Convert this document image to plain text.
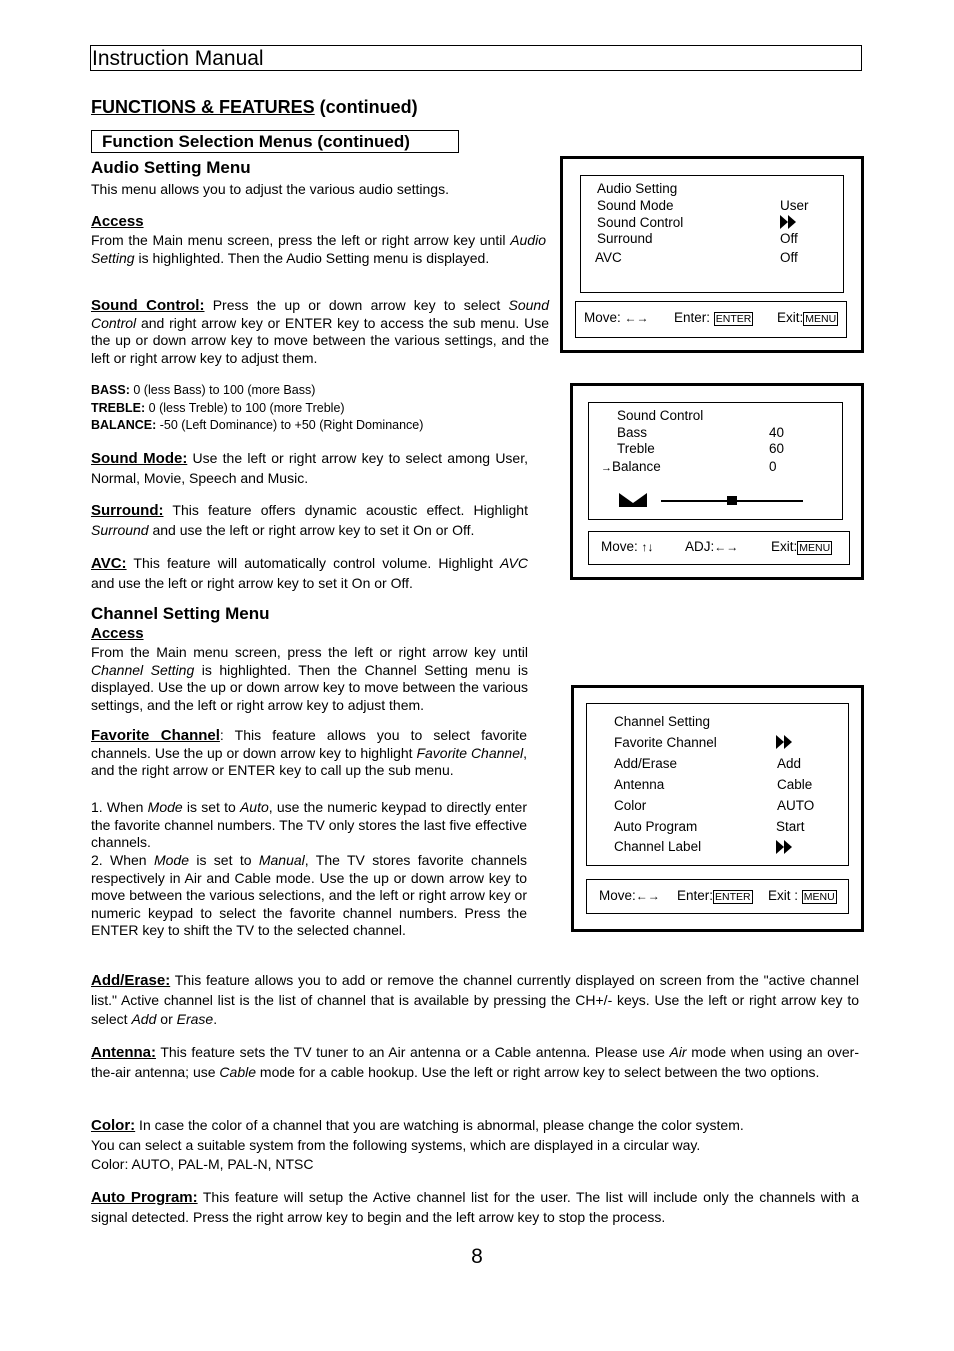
Instruction Manual
FUNCTIONS & FEATURES (continued)
Function Selection Menus (continued)
Audio Setting Menu
This menu allows you to adjust the various audio settings.
Access
From the Main menu screen, press the left or right arrow key until Audio Setting is highlighted. Then the Audio Setting menu is displayed.
Sound Control: Press the up or down arrow key to select Sound Control and right arrow key or ENTER key to access the sub menu. Use the up or down arrow key to move between the various settings, and the left or right arrow key to adjust them.
BASS: 0 (less Bass) to 100 (more Bass)
TREBLE: 0 (less Treble) to 100 (more Treble)
BALANCE: -50 (Left Dominance) to +50 (Right Dominance)
Sound Mode: Use the left or right arrow key to select among User, Normal, Movie, Speech and Music.
Surround: This feature offers dynamic acoustic effect. Highlight Surround and use the left or right arrow key to set it On or Off.
AVC: This feature will automatically control volume. Highlight AVC and use the left or right arrow key to set it On or Off.
Channel Setting Menu
Access
From the Main menu screen, press the left or right arrow key until Channel Setting is highlighted. Then the Channel Setting menu is displayed. Use the up or down arrow key to move between the various settings, and the left or right arrow key to adjust them.
Favorite Channel: This feature allows you to select favorite channels. Use the up or down arrow key to highlight Favorite Channel, and the right arrow or ENTER key to call up the sub menu.
1. When Mode is set to Auto, use the numeric keypad to directly enter the favorite channel numbers. The TV only stores the last five effective channels.
2. When Mode is set to Manual, The TV stores favorite channels respectively in Air and Cable mode. Use the up or down arrow key to move between the various selections, and the left or right arrow key or numeric keypad to select the favorite channel numbers. Press the ENTER key to shift the TV to the selected channel.
Add/Erase: This feature allows you to add or remove the channel currently displayed on screen from the "active channel list." Active channel list is the list of channel that is available by pressing the CH+/- keys. Use the left or right arrow key to select Add or Erase.
Antenna: This feature sets the TV tuner to an Air antenna or a Cable antenna. Please use Air mode when using an over-the-air antenna; use Cable mode for a cable hookup. Use the left or right arrow key to select between the two options.
Color: In case the color of a channel that you are watching is abnormal, please change the color system.
You can select a suitable system from the following systems, which are displayed in a circular way.
Color: AUTO, PAL-M, PAL-N, NTSC
Auto Program: This feature will setup the Active channel list for the user. The list will include only the channels with a signal detected. Press the right arrow key to begin and the left arrow key to stop the process.
8
Audio Setting
Sound Mode	User
Sound Control
Surround	Off
AVC	Off
Move: ←→ Enter: ENTER Exit: MENU
Sound Control
Bass	40
Treble	60
→Balance	0
Move: ↑↓ ADJ:←→ Exit: MENU
Channel Setting
Favorite Channel
Add/Erase	Add
Antenna	Cable
Color	AUTO
Auto Program	Start
Channel Label
Move:←→ Enter: ENTER Exit : MENU
